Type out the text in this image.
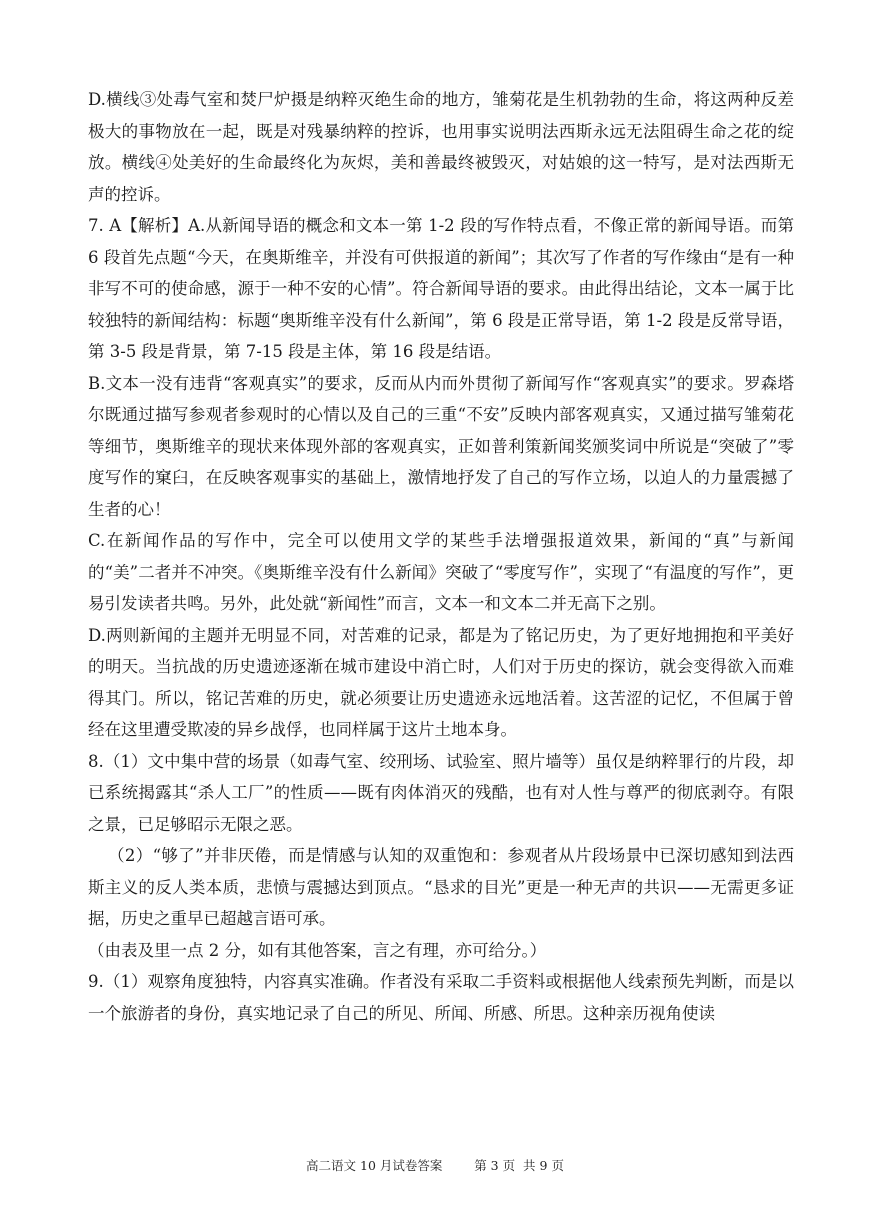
D.横线③处毒气室和焚尸炉摄是纳粹灭绝生命的地方，雏菊花是生机勃勃的生命，将这两种反差极大的事物放在一起，既是对残暴纳粹的控诉，也用事实说明法西斯永远无法阻碍生命之花的绽放。横线④处美好的生命最终化为灰烬，美和善最终被毁灭，对姑娘的这一特写，是对法西斯无声的控诉。

7. A【解析】A.从新闻导语的概念和文本一第 1-2 段的写作特点看，不像正常的新闻导语。而第 6 段首先点题“今天，在奥斯维辛，并没有可供报道的新闻”；其次写了作者的写作缘由“是有一种非写不可的使命感，源于一种不安的心情”。符合新闻导语的要求。由此得出结论，文本一属于比较独特的新闻结构：标题“奥斯维辛没有什么新闻”，第 6 段是正常导语，第 1-2 段是反常导语，第 3-5 段是背景，第 7-15 段是主体，第 16 段是结语。

B.文本一没有违背“客观真实”的要求，反而从内而外贯彻了新闻写作“客观真实”的要求。罗森塔尔既通过描写参观者参观时的心情以及自己的三重“不安”反映内部客观真实，又通过描写雏菊花等细节，奥斯维辛的现状来体现外部的客观真实，正如普利策新闻奖颁奖词中所说是“突破了”零度写作的窠臼，在反映客观事实的基础上，激情地抒发了自己的写作立场，以迫人的力量震撼了生者的心！

C.在新闻作品的写作中，完全可以使用文学的某些手法增强报道效果，新闻的“真”与新闻的“美”二者并不冲突。《奥斯维辛没有什么新闻》突破了“零度写作”，实现了“有温度的写作”，更易引发读者共鸣。另外，此处就“新闻性”而言，文本一和文本二并无高下之别。

D.两则新闻的主题并无明显不同，对苦难的记录，都是为了铭记历史，为了更好地拥抱和平美好的明天。当抗战的历史遗迹逐渐在城市建设中消亡时，人们对于历史的探访，就会变得欲入而难得其门。所以，铭记苦难的历史，就必须要让历史遗迹永远地活着。这苦涩的记忆，不但属于曾经在这里遭受欺凌的异乡战俘，也同样属于这片土地本身。

8.（1）文中集中营的场景（如毒气室、绞刑场、试验室、照片墙等）虽仅是纳粹罪行的片段，却已系统揭露其“杀人工厂”的性质——既有肉体消灭的残酷，也有对人性与尊严的彻底剥夺。有限之景，已足够昭示无限之恶。

（2）“够了”并非厌倦，而是情感与认知的双重饱和：参观者从片段场景中已深切感知到法西斯主义的反人类本质，悲愤与震撼达到顶点。“恳求的目光”更是一种无声的共识——无需更多证据，历史之重早已超越言语可承。

（由表及里一点 2 分，如有其他答案，言之有理，亦可给分。）

9.（1）观察角度独特，内容真实准确。作者没有采取二手资料或根据他人线索预先判断，而是以一个旅游者的身份，真实地记录了自己的所见、所闻、所感、所思。这种亲历视角使读

高二语文 10 月试卷答案	第 3 页  共 9 页
